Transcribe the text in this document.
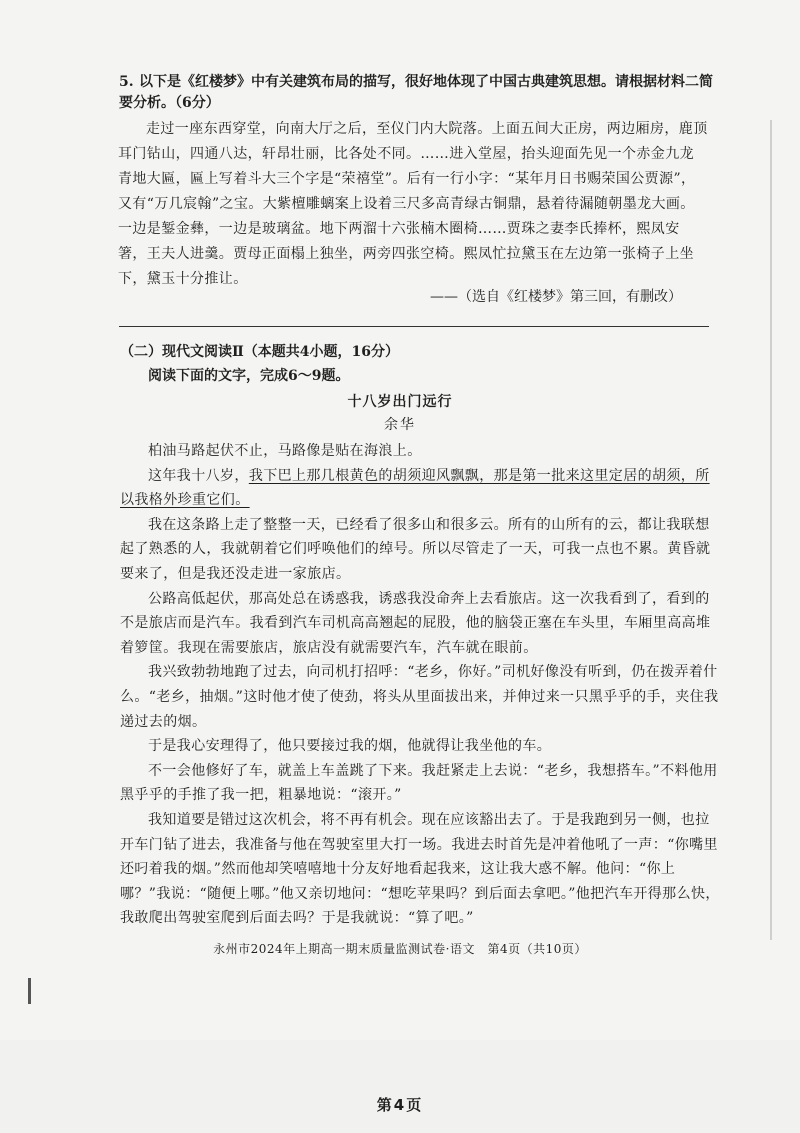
5. 以下是《红楼梦》中有关建筑布局的描写，很好地体现了中国古典建筑思想。请根据材料二简要分析。（6分）

走过一座东西穿堂，向南大厅之后，至仪门内大院落。上面五间大正房，两边厢房，鹿顶耳门钻山，四通八达，轩昂壮丽，比各处不同。……进入堂屋，抬头迎面先见一个赤金九龙青地大匾，匾上写着斗大三个字是“荣禧堂”。后有一行小字：“某年月日书赐荣国公贾源”，又有“万几宸翰”之宝。大紫檀雕螭案上设着三尺多高青绿古铜鼎，悬着待漏随朝墨龙大画。一边是錾金彝，一边是玻璃盆。地下两溜十六张楠木圈椅……贾珠之妻李氏捧杯，熙凤安箸，王夫人进羹。贾母正面榻上独坐，两旁四张空椅。熙凤忙拉黛玉在左边第一张椅子上坐下，黛玉十分推让。

——（选自《红楼梦》第三回，有删改）
（二）现代文阅读Ⅱ（本题共4小题，16分）
阅读下面的文字，完成6～9题。
十八岁出门远行
余华

柏油马路起伏不止，马路像是贴在海浪上。

这年我十八岁，我下巴上那几根黄色的胡须迎风飘飘，那是第一批来这里定居的胡须，所以我格外珍重它们。

我在这条路上走了整整一天，已经看了很多山和很多云。所有的山所有的云，都让我联想起了熟悉的人，我就朝着它们呼唤他们的绰号。所以尽管走了一天，可我一点也不累。黄昏就要来了，但是我还没走进一家旅店。

公路高低起伏，那高处总在诱惑我，诱惑我没命奔上去看旅店。这一次我看到了，看到的不是旅店而是汽车。我看到汽车司机高高翘起的屁股，他的脑袋正塞在车头里，车厢里高高堆着箩筐。我现在需要旅店，旅店没有就需要汽车，汽车就在眼前。

我兴致勃勃地跑了过去，向司机打招呼：“老乡，你好。”司机好像没有听到，仍在拨弄着什么。“老乡，抽烟。”这时他才使了使劲，将头从里面拔出来，并伸过来一只黑乎乎的手，夹住我递过去的烟。

于是我心安理得了，他只要接过我的烟，他就得让我坐他的车。

不一会他修好了车，就盖上车盖跳了下来。我赶紧走上去说：“老乡，我想搭车。”不料他用黑乎乎的手推了我一把，粗暴地说：“滚开。”

我知道要是错过这次机会，将不再有机会。现在应该豁出去了。于是我跑到另一侧，也拉开车门钻了进去，我准备与他在驾驶室里大打一场。我进去时首先是冲着他吼了一声：“你嘴里还叼着我的烟。”然而他却笑嘻嘻地十分友好地看起我来，这让我大惑不解。他问：“你上哪？”我说：“随便上哪。”他又亲切地问：“想吃苹果吗？到后面去拿吧。”他把汽车开得那么快，我敢爬出驾驶室爬到后面去吗？于是我就说：“算了吧。”

永州市2024年上期高一期末质量监测试卷·语文　第4页（共10页）
第4页
